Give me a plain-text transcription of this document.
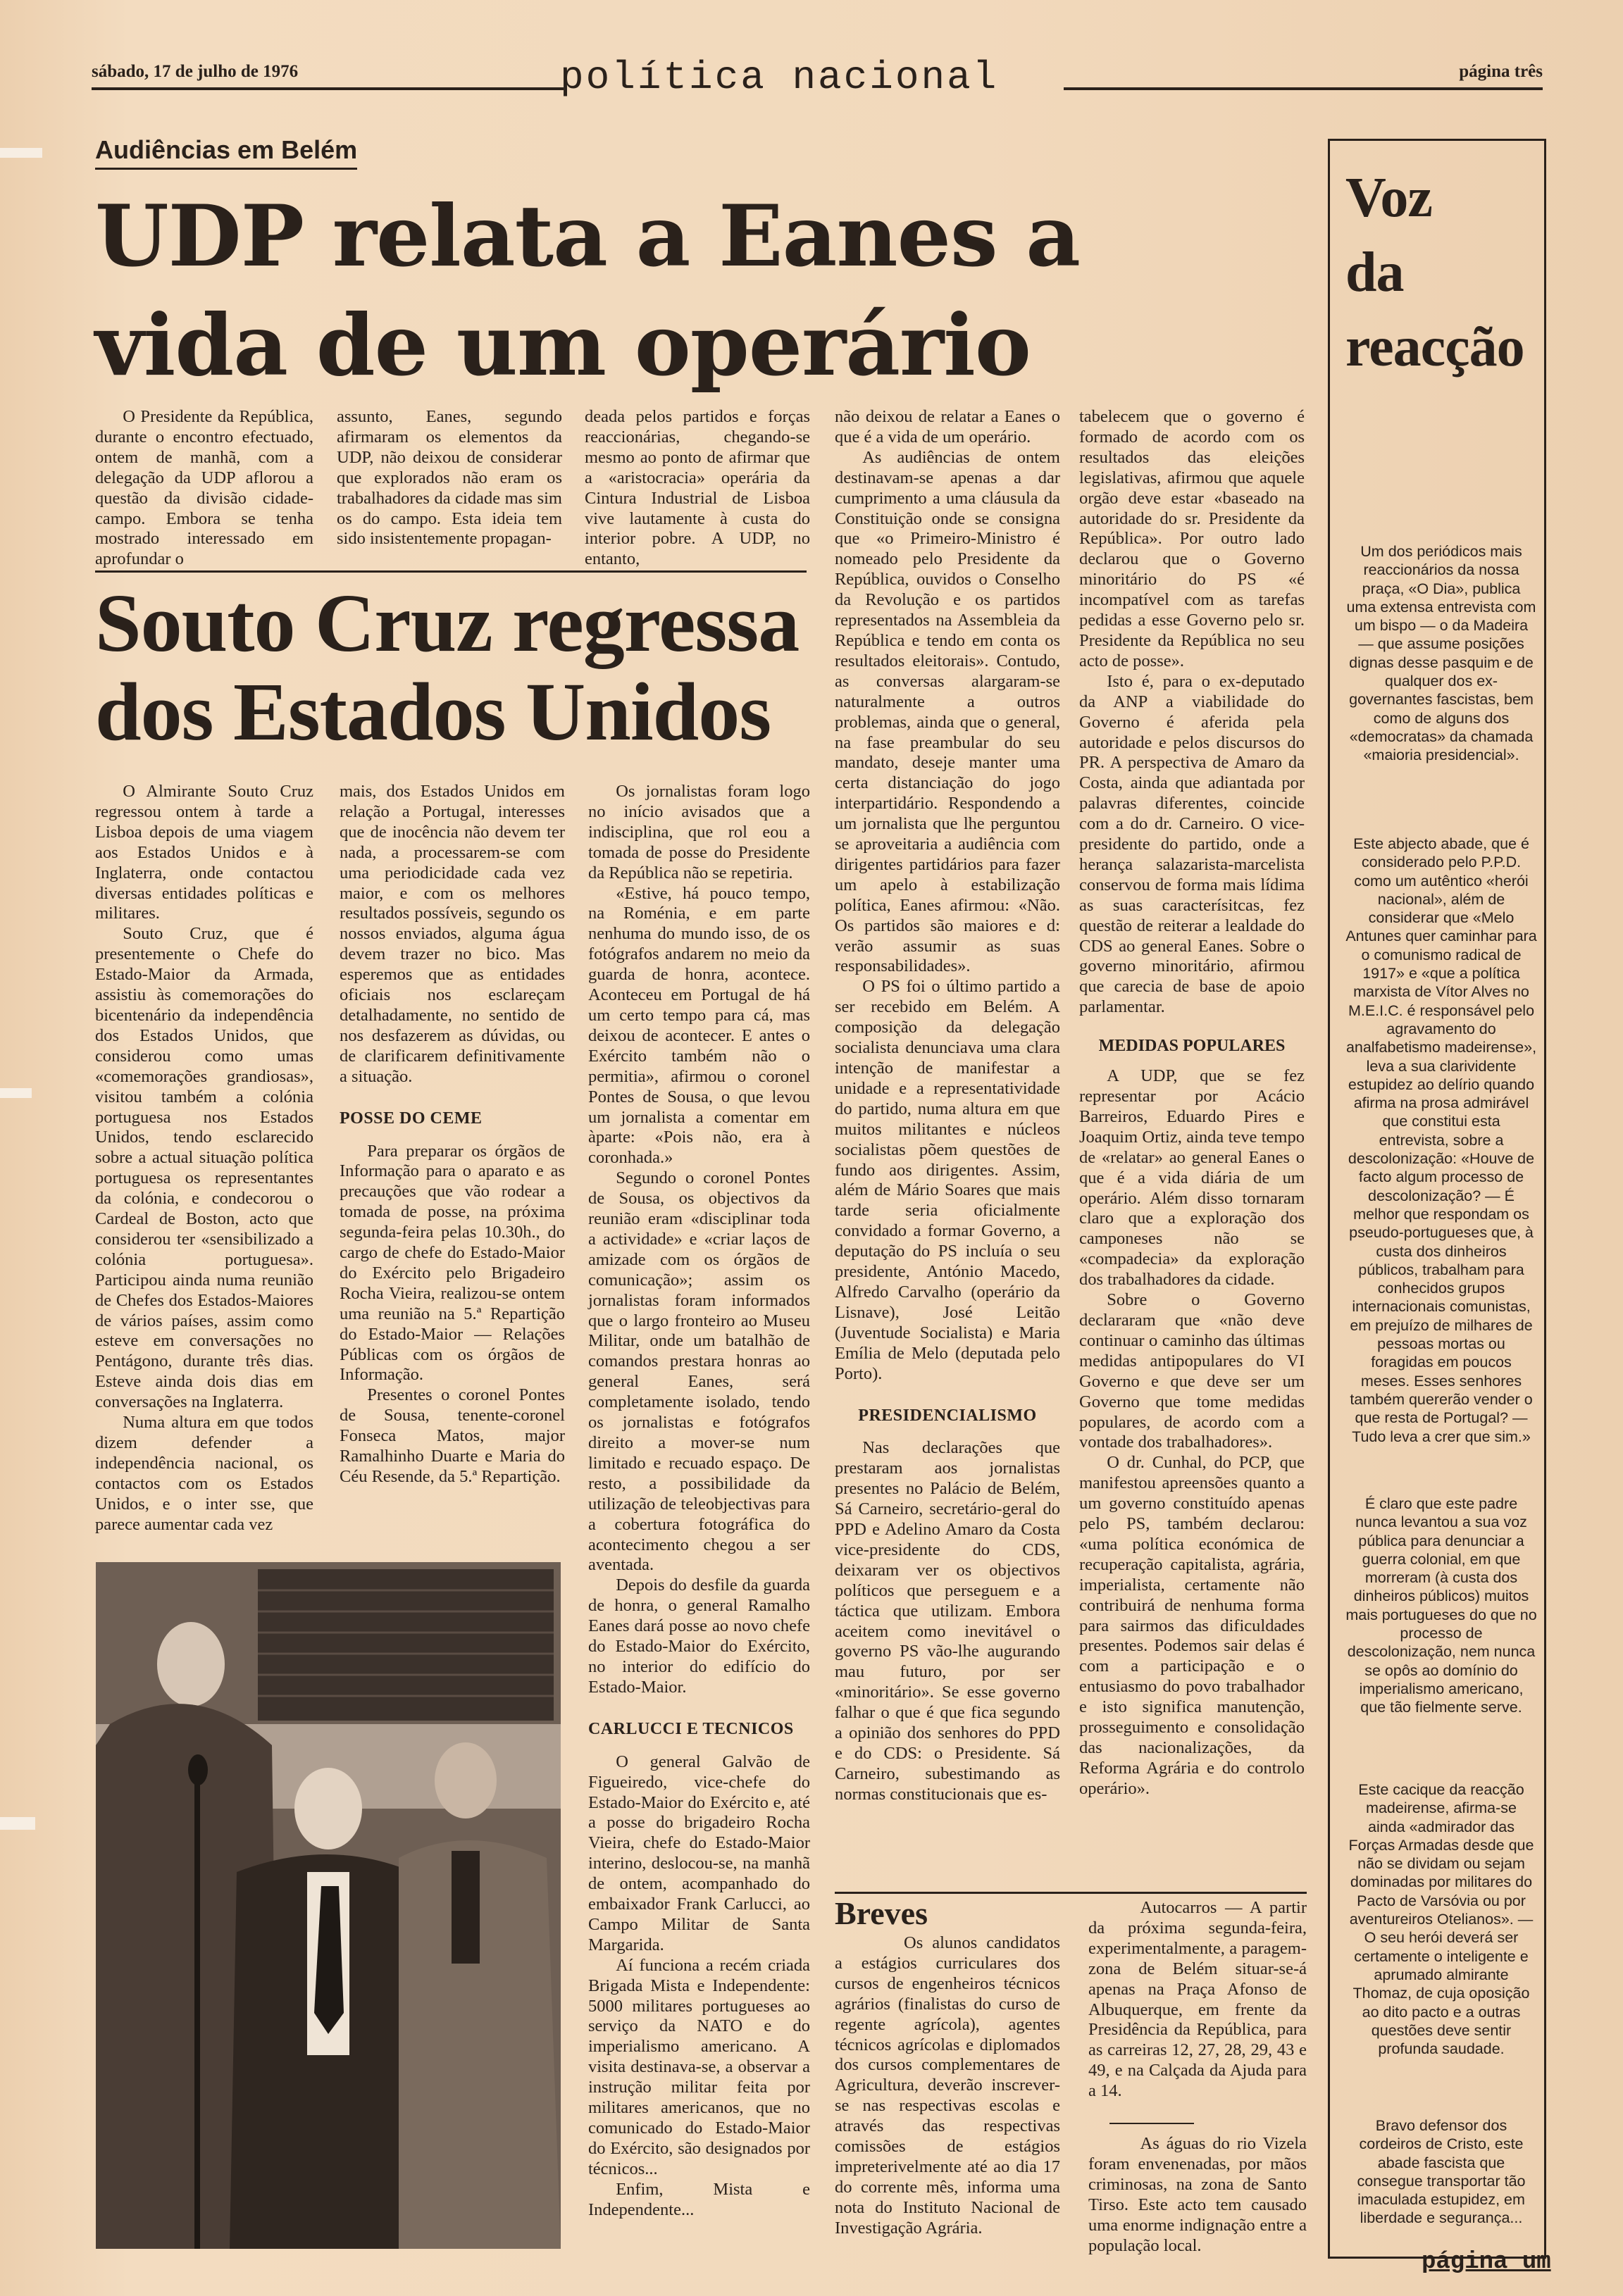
sábado, 17 de julho de 1976	política nacional	página três
Audiências em Belém
UDP relata a Eanes a vida de um operário

O Presidente da República, durante o encontro efectuado, ontem de manhã, com a delegação da UDP aflorou a questão da divisão cidade-campo. Embora se tenha mostrado interessado em aprofundar o

assunto, Eanes, segundo afirmaram os elementos da UDP, não deixou de considerar que explorados não eram os trabalhadores da cidade mas sim os do campo. Esta ideia tem sido insistentemente propagan-

deada pelos partidos e forças reaccionárias, chegando-se mesmo ao ponto de afirmar que a «aristocracia» operária da Cintura Industrial de Lisboa vive lautamente à custa do interior pobre. A UDP, no entanto,

não deixou de relatar a Eanes o que é a vida de um operário.

As audiências de ontem destinavam-se apenas a dar cumprimento a uma cláusula da Constituição onde se consigna que «o Primeiro-Ministro é nomeado pelo Presidente da República, ouvidos o Conselho da Revolução e os partidos representados na Assembleia da República e tendo em conta os resultados eleitorais». Contudo, as conversas alargaram-se naturalmente a outros problemas, ainda que o general, na fase preambular do seu mandato, deseje manter uma certa distanciação do jogo interpartidário. Respondendo a um jornalista que lhe perguntou se aproveitaria a audiência com dirigentes partidários para fazer um apelo à estabilização política, Eanes afirmou: «Não. Os partidos são maiores e d: verão assumir as suas responsabilidades».

O PS foi o último partido a ser recebido em Belém. A composição da delegação socialista denunciava uma clara intenção de manifestar a unidade e a representatividade do partido, numa altura em que muitos militantes e núcleos socialistas põem questões de fundo aos dirigentes. Assim, além de Mário Soares que mais tarde seria oficialmente convidado a formar Governo, a deputação do PS incluía o seu presidente, António Macedo, Alfredo Carvalho (operário da Lisnave), José Leitão (Juventude Socialista) e Maria Emília de Melo (deputada pelo Porto).

PRESIDENCIALISMO

Nas declarações que prestaram aos jornalistas presentes no Palácio de Belém, Sá Carneiro, secretário-geral do PPD e Adelino Amaro da Costa vice-presidente do CDS, deixaram ver os objectivos políticos que perseguem e a táctica que utilizam. Embora aceitem como inevitável o governo PS vão-lhe augurando mau futuro, por ser «minoritário». Se esse governo falhar o que é que fica segundo a opinião dos senhores do PPD e do CDS: o Presidente. Sá Carneiro, subestimando as normas constitucionais que es-

tabelecem que o governo é formado de acordo com os resultados das eleições legislativas, afirmou que aquele orgão deve estar «baseado na autoridade do sr. Presidente da República». Por outro lado declarou que o Governo minoritário do PS «é incompatível com as tarefas pedidas a esse Governo pelo sr. Presidente da República no seu acto de posse».

Isto é, para o ex-deputado da ANP a viabilidade do Governo é aferida pela autoridade e pelos discursos do PR. A perspectiva de Amaro da Costa, ainda que adiantada por palavras diferentes, coincide com a do dr. Carneiro. O vice-presidente do partido, onde a herança salazarista-marcelista conservou de forma mais lídima as suas caracterísitcas, fez questão de reiterar a lealdade do CDS ao general Eanes. Sobre o governo minoritário, afirmou que carecia de base de apoio parlamentar.

MEDIDAS POPULARES

A UDP, que se fez representar por Acácio Barreiros, Eduardo Pires e Joaquim Ortiz, ainda teve tempo de «relatar» ao general Eanes o que é a vida diária de um operário. Além disso tornaram claro que a exploração dos camponeses não se «compadecia» da exploração dos trabalhadores da cidade.

Sobre o Governo declararam que «não deve continuar o caminho das últimas medidas antipopulares do VI Governo e que deve ser um Governo que tome medidas populares, de acordo com a vontade dos trabalhadores».

O dr. Cunhal, do PCP, que manifestou apreensões quanto a um governo constituído apenas pelo PS, também declarou: «uma política económica de recuperação capitalista, agrária, imperialista, certamente não contribuirá de nenhuma forma para sairmos das dificuldades presentes. Podemos sair delas é com a participação e o entusiasmo do povo trabalhador e isto significa manutenção, prosseguimento e consolidação das nacionalizações, da Reforma Agrária e do controlo operário».

Souto Cruz regressa dos Estados Unidos

O Almirante Souto Cruz regressou ontem à tarde a Lisboa depois de uma viagem aos Estados Unidos e à Inglaterra, onde contactou diversas entidades políticas e militares.

Souto Cruz, que é presentemente o Chefe do Estado-Maior da Armada, assistiu às comemorações do bicentenário da independência dos Estados Unidos, que considerou como umas «comemorações grandiosas», visitou também a colónia portuguesa nos Estados Unidos, tendo esclarecido sobre a actual situação política portuguesa os representantes da colónia, e condecorou o Cardeal de Boston, acto que considerou ter «sensibilizado a colónia portuguesa». Participou ainda numa reunião de Chefes dos Estados-Maiores de vários países, assim como esteve em conversações no Pentágono, durante três dias. Esteve ainda dois dias em conversações na Inglaterra.

Numa altura em que todos dizem defender a independência nacional, os contactos com os Estados Unidos, e o inter sse, que parece aumentar cada vez

mais, dos Estados Unidos em relação a Portugal, interesses que de inocência não devem ter nada, a processarem-se com uma periodicidade cada vez maior, e com os melhores resultados possíveis, segundo os nossos enviados, alguma água devem trazer no bico. Mas esperemos que as entidades oficiais nos esclareçam detalhadamente, no sentido de nos desfazerem as dúvidas, ou de clarificarem definitivamente a situação.

POSSE DO CEME

Para preparar os órgãos de Informação para o aparato e as precauções que vão rodear a tomada de posse, na próxima segunda-feira pelas 10.30h., do cargo de chefe do Estado-Maior do Exército pelo Brigadeiro Rocha Vieira, realizou-se ontem uma reunião na 5.ª Repartição do Estado-Maior — Relações Públicas com os órgãos de Informação.

Presentes o coronel Pontes de Sousa, tenente-coronel Fonseca Matos, major Ramalhinho Duarte e Maria do Céu Resende, da 5.ª Repartição.

Os jornalistas foram logo no início avisados que a indisciplina, que rol eou a tomada de posse do Presidente da República não se repetiria.

«Estive, há pouco tempo, na Roménia, e em parte nenhuma do mundo isso, de os fotógrafos andarem no meio da guarda de honra, acontece. Aconteceu em Portugal de há um certo tempo para cá, mas deixou de acontecer. E antes o Exército também não o permitia», afirmou o coronel Pontes de Sousa, o que levou um jornalista a comentar em àparte: «Pois não, era à coronhada.»

Segundo o coronel Pontes de Sousa, os objectivos da reunião eram «disciplinar toda a actividade» e «criar laços de amizade com os órgãos de comunicação»; assim os jornalistas foram informados que o largo fronteiro ao Museu Militar, onde um batalhão de comandos prestara honras ao general Eanes, será completamente isolado, tendo os jornalistas e fotógrafos direito a mover-se num limitado e recuado espaço. De resto, a possibilidade da utilização de teleobjectivas para a cobertura fotográfica do acontecimento chegou a ser aventada.

Depois do desfile da guarda de honra, o general Ramalho Eanes dará posse ao novo chefe do Estado-Maior do Exército, no interior do edifício do Estado-Maior.

CARLUCCI E TECNICOS

O general Galvão de Figueiredo, vice-chefe do Estado-Maior do Exército e, até a posse do brigadeiro Rocha Vieira, chefe do Estado-Maior interino, deslocou-se, na manhã de ontem, acompanhado do embaixador Frank Carlucci, ao Campo Militar de Santa Margarida.

Aí funciona a recém criada Brigada Mista e Independente: 5000 militares portugueses ao serviço da NATO e do imperialismo americano. A visita destinava-se, a observar a instrução militar feita por militares americanos, que no comunicado do Estado-Maior do Exército, são designados por técnicos...

Enfim, Mista e Independente...

Breves

Os alunos candidatos a estágios curriculares dos cursos de engenheiros técnicos agrários (finalistas do curso de regente agrícola), agentes técnicos agrícolas e diplomados dos cursos complementares de Agricultura, deverão inscrever-se nas respectivas escolas e através das respectivas comissões de estágios impreterivelmente até ao dia 17 do corrente mês, informa uma nota do Instituto Nacional de Investigação Agrária.

Autocarros — A partir da próxima segunda-feira, experimentalmente, a paragem-zona de Belém situar-se-á apenas na Praça Afonso de Albuquerque, em frente da Presidência da República, para as carreiras 12, 27, 28, 29, 43 e 49, e na Calçada da Ajuda para a 14.

As águas do rio Vizela foram envenenadas, por mãos criminosas, na zona de Santo Tirso. Este acto tem causado uma enorme indignação entre a população local.

Voz
da
reacção
Um dos periódicos mais reaccionários da nossa praça, «O Dia», publica uma extensa entrevista com um bispo — o da Madeira — que assume posições dignas desse pasquim e de qualquer dos ex-governantes fascistas, bem como de alguns dos «democratas» da chamada «maioria presidencial».
Este abjecto abade, que é considerado pelo P.P.D. como um autêntico «herói nacional», além de considerar que «Melo Antunes quer caminhar para o comunismo radical de 1917» e «que a política marxista de Vítor Alves no M.E.I.C. é responsável pelo agravamento do analfabetismo madeirense», leva a sua clarividente estupidez ao delírio quando afirma na prosa admirável que constitui esta entrevista, sobre a descolonização: «Houve de facto algum processo de descolonização? — É melhor que respondam os pseudo-portugueses que, à custa dos dinheiros públicos, trabalham para conhecidos grupos internacionais comunistas, em prejuízo de milhares de pessoas mortas ou foragidas em poucos meses. Esses senhores também quererão vender o que resta de Portugal? — Tudo leva a crer que sim.»
É claro que este padre nunca levantou a sua voz pública para denunciar a guerra colonial, em que morreram (à custa dos dinheiros públicos) muitos mais portugueses do que no processo de descolonização, nem nunca se opôs ao domínio do imperialismo americano, que tão fielmente serve.
Este cacique da reacção madeirense, afirma-se ainda «admirador das Forças Armadas desde que não se dividam ou sejam dominadas por militares do Pacto de Varsóvia ou por aventureiros Otelianos». — O seu herói deverá ser certamente o inteligente e aprumado almirante Thomaz, de cuja oposição ao dito pacto e a outras questões deve sentir profunda saudade.
Bravo defensor dos cordeiros de Cristo, este abade fascista que consegue transportar tão imaculada estupidez, em liberdade e segurança...
página um
